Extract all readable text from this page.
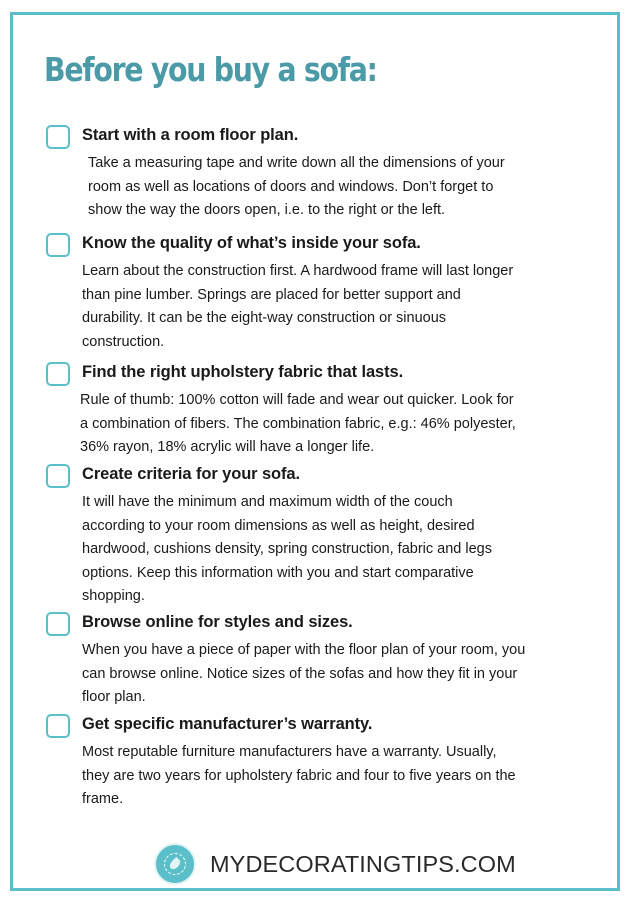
Before you buy a sofa:
Start with a room floor plan.
Take a measuring tape and write down all the dimensions of your
room as well as locations of doors and windows. Don’t forget to
show the way the doors open, i.e. to the right or the left.
Know the quality of what’s inside your sofa.
Learn about the construction first. A hardwood frame will last longer
than pine lumber. Springs are placed for better support and
durability. It can be the eight-way construction or sinuous
construction.
Find the right upholstery fabric that lasts.
Rule of thumb: 100% cotton will fade and wear out quicker. Look for
a combination of fibers. The combination fabric, e.g.: 46% polyester,
36% rayon, 18% acrylic will have a longer life.
Create criteria for your sofa.
It will have the minimum and maximum width of the couch
according to your room dimensions as well as height, desired
hardwood, cushions density, spring construction, fabric and legs
options. Keep this information with you and start comparative
shopping.
Browse online for styles and sizes.
When you have a piece of paper with the floor plan of your room, you
can browse online. Notice sizes of the sofas and how they fit in your
floor plan.
Get specific manufacturer’s warranty.
Most reputable furniture manufacturers have a warranty. Usually,
they are two years for upholstery fabric and four to five years on the
frame.
MYDECORATINGTIPS.COM
